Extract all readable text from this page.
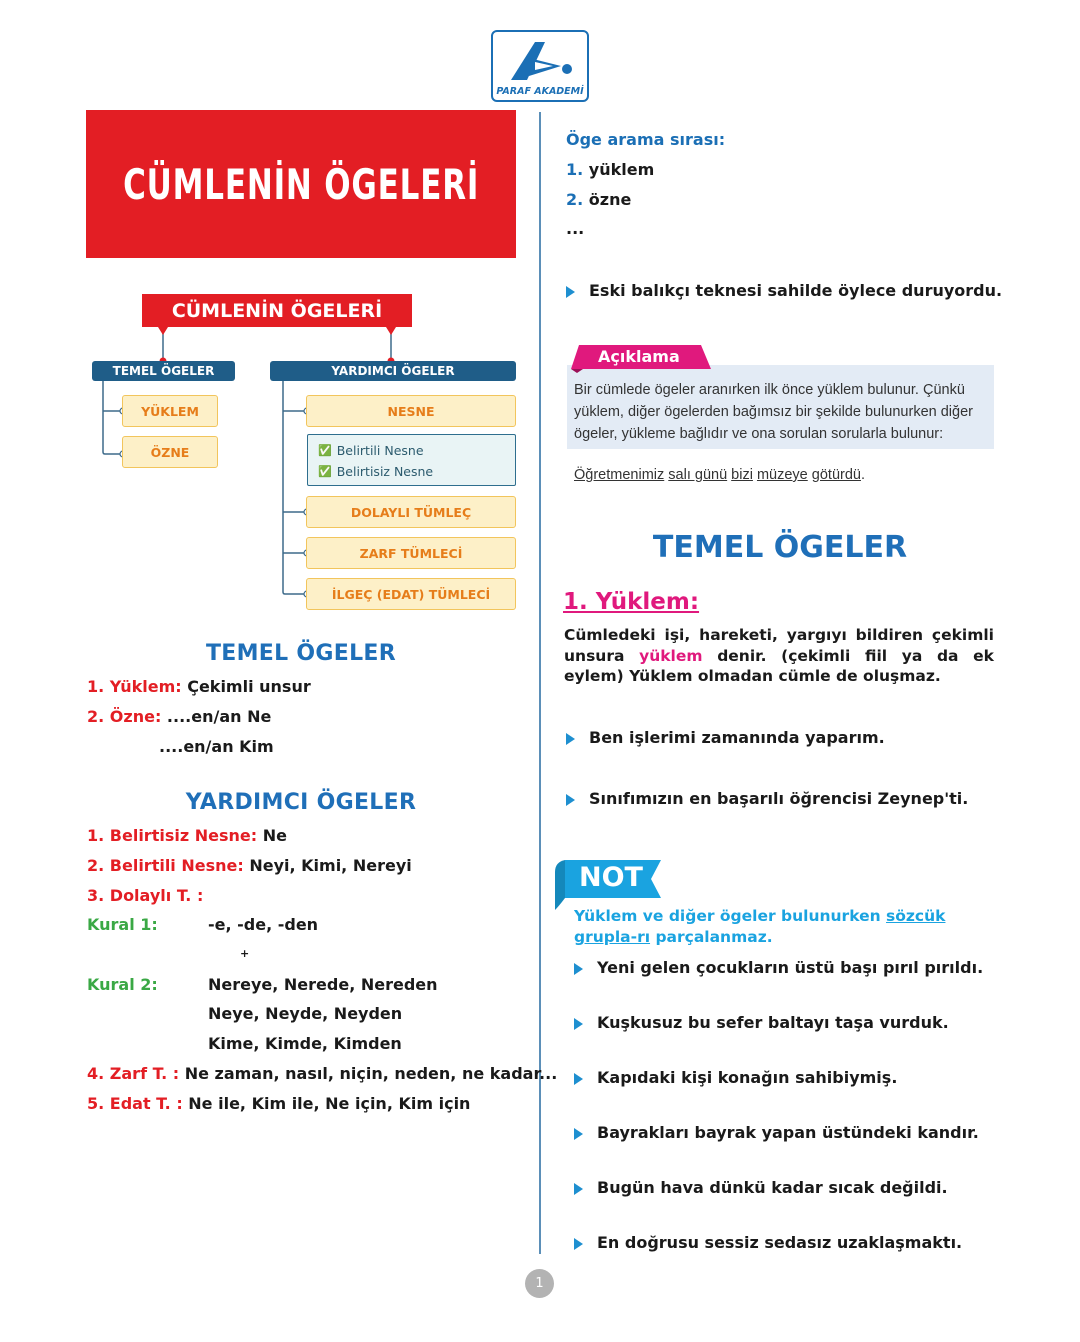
PARAF AKADEMİ
CÜMLENİN ÖGELERİ
CÜMLENİN ÖGELERİ
TEMEL ÖGELER	YARDIMCI ÖGELER
YÜKLEM
ÖZNE
NESNE
✅ Belirtili Nesne
✅ Belirtisiz Nesne
DOLAYLI TÜMLEÇ
ZARF TÜMLECİ
İLGEÇ (EDAT) TÜMLECİ
TEMEL ÖGELER
1. Yüklem: Çekimli unsur
2. Özne: ....en/an Ne
....en/an Kim
YARDIMCI ÖGELER
1. Belirtisiz Nesne: Ne
2. Belirtili Nesne: Neyi, Kimi, Nereyi
3. Dolaylı T. :
Kural 1:	-e, -de, -den
+
Kural 2:	Nereye, Nerede, Nereden
Neye, Neyde, Neyden
Kime, Kimde, Kimden
4. Zarf T. : Ne zaman, nasıl, niçin, neden, ne kadar...
5. Edat T. : Ne ile, Kim ile, Ne için, Kim için
Öge arama sırası:
1. yüklem
2. özne
...
Eski balıkçı teknesi sahilde öylece duruyordu.
Açıklama
Bir cümlede ögeler aranırken ilk önce yüklem bulunur. Çünkü yüklem, diğer ögelerden bağımsız bir şekilde bulunurken diğer ögeler, yükleme bağlıdır ve ona sorulan sorularla bulunur:
Öğretmenimiz salı günü bizi müzeye götürdü.
TEMEL ÖGELER
1. Yüklem:
Cümledeki işi, hareketi, yargıyı bildiren çekimli unsura yüklem denir. (çekimli fiil ya da ek eylem) Yüklem olmadan cümle de oluşmaz.
Ben işlerimi zamanında yaparım.
Sınıfımızın en başarılı öğrencisi Zeynep'ti.
NOT
Yüklem ve diğer ögeler bulunurken sözcük grupla-rı parçalanmaz.
Yeni gelen çocukların üstü başı pırıl pırıldı.
Kuşkusuz bu sefer baltayı taşa vurduk.
Kapıdaki kişi konağın sahibiymiş.
Bayrakları bayrak yapan üstündeki kandır.
Bugün hava dünkü kadar sıcak değildi.
En doğrusu sessiz sedasız uzaklaşmaktı.
1
